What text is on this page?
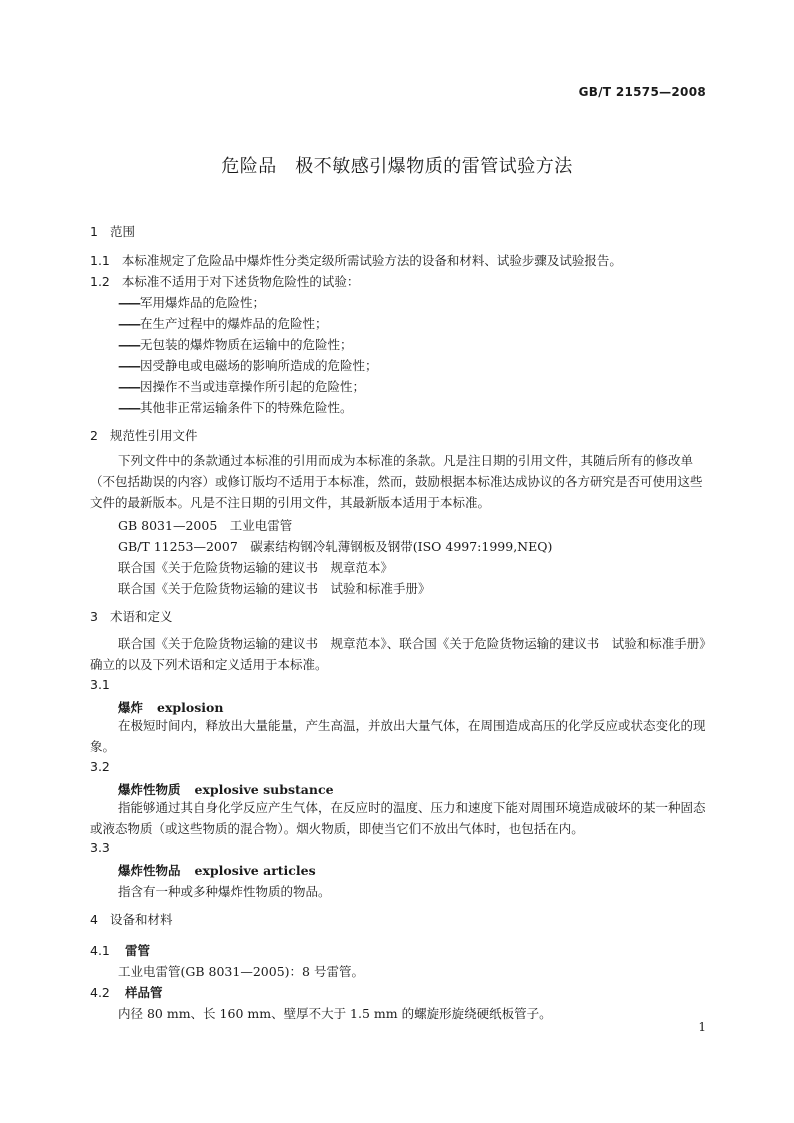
GB/T 21575—2008
危险品　极不敏感引爆物质的雷管试验方法
1 范围
1.1 本标准规定了危险品中爆炸性分类定级所需试验方法的设备和材料、试验步骤及试验报告。
1.2 本标准不适用于对下述货物危险性的试验：
——军用爆炸品的危险性；
——在生产过程中的爆炸品的危险性；
——无包装的爆炸物质在运输中的危险性；
——因受静电或电磁场的影响所造成的危险性；
——因操作不当或违章操作所引起的危险性；
——其他非正常运输条件下的特殊危险性。
2 规范性引用文件
下列文件中的条款通过本标准的引用而成为本标准的条款。凡是注日期的引用文件，其随后所有的修改单（不包括勘误的内容）或修订版均不适用于本标准，然而，鼓励根据本标准达成协议的各方研究是否可使用这些文件的最新版本。凡是不注日期的引用文件，其最新版本适用于本标准。
GB 8031—2005　工业电雷管
GB/T 11253—2007　碳素结构钢冷轧薄钢板及钢带(ISO 4997:1999,NEQ)
联合国《关于危险货物运输的建议书　规章范本》
联合国《关于危险货物运输的建议书　试验和标准手册》
3 术语和定义
联合国《关于危险货物运输的建议书　规章范本》、联合国《关于危险货物运输的建议书　试验和标准手册》确立的以及下列术语和定义适用于本标准。
3.1
爆炸 explosion
在极短时间内，释放出大量能量，产生高温，并放出大量气体，在周围造成高压的化学反应或状态变化的现象。
3.2
爆炸性物质 explosive substance
指能够通过其自身化学反应产生气体，在反应时的温度、压力和速度下能对周围环境造成破坏的某一种固态或液态物质（或这些物质的混合物）。烟火物质，即使当它们不放出气体时，也包括在内。
3.3
爆炸性物品 explosive articles
指含有一种或多种爆炸性物质的物品。
4 设备和材料
4.1 雷管
工业电雷管(GB 8031—2005)：8 号雷管。
4.2 样品管
内径 80 mm、长 160 mm、壁厚不大于 1.5 mm 的螺旋形旋绕硬纸板管子。
1
